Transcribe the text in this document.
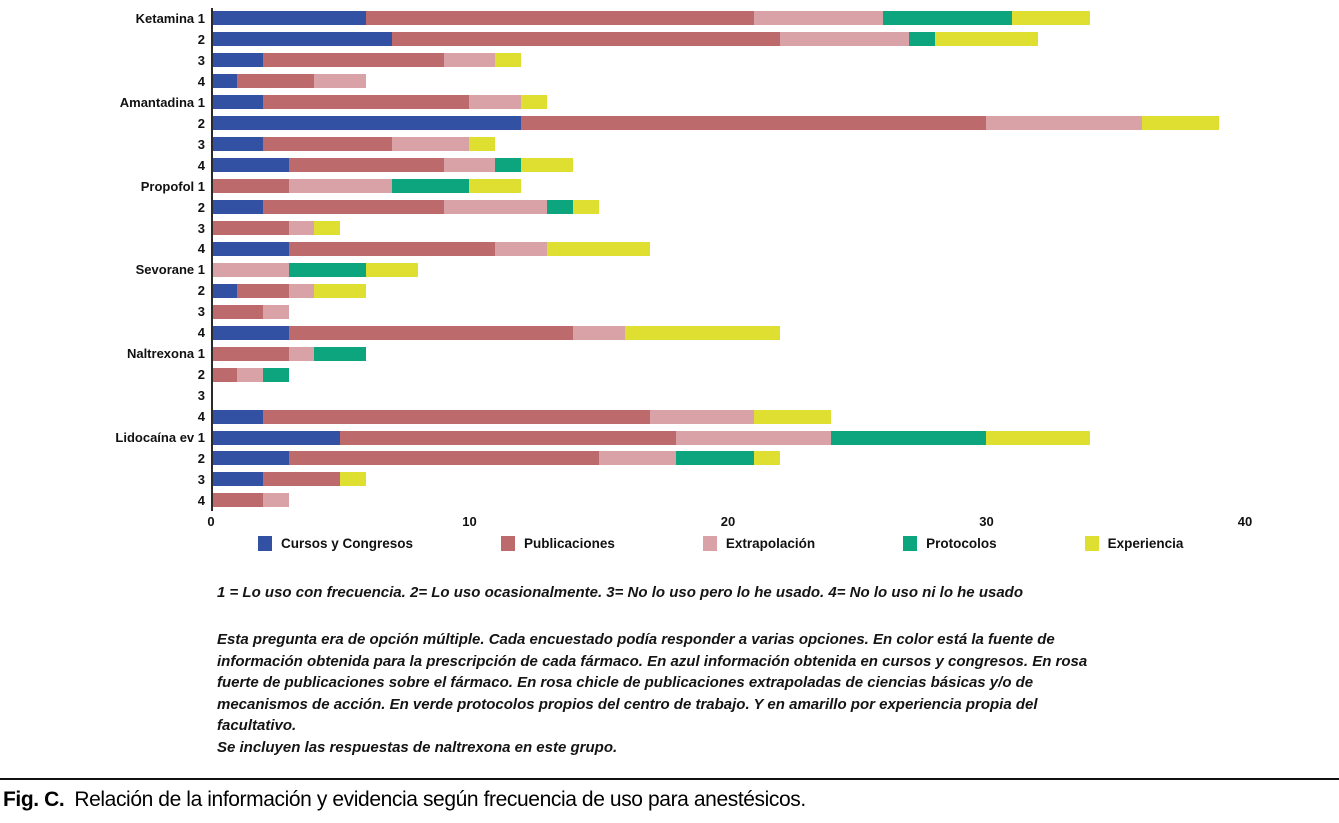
Ketamina 1
2
3
4
Amantadina 1
2
3
4
Propofol 1
2
3
4
Sevorane 1
2
3
4
Naltrexona 1
2
3
4
Lidocaína ev 1
2
3
4
0	10	20	30	40
Cursos y Congresos	Publicaciones	Extrapolación	Protocolos	Experiencia
1 = Lo uso con frecuencia. 2= Lo uso ocasionalmente. 3= No lo uso pero lo he usado. 4= No lo uso ni lo he usado
Esta pregunta era de opción múltiple. Cada encuestado podía responder a varias opciones. En color está la fuente de
información obtenida para la prescripción de cada fármaco. En azul información obtenida en cursos y congresos. En rosa
fuerte de publicaciones sobre el fármaco. En rosa chicle de publicaciones extrapoladas de ciencias básicas y/o de
mecanismos de acción. En verde protocolos propios del centro de trabajo. Y en amarillo por experiencia propia del
facultativo.
Se incluyen las respuestas de naltrexona en este grupo.
Fig. C. Relación de la información y evidencia según frecuencia de uso para anestésicos.
